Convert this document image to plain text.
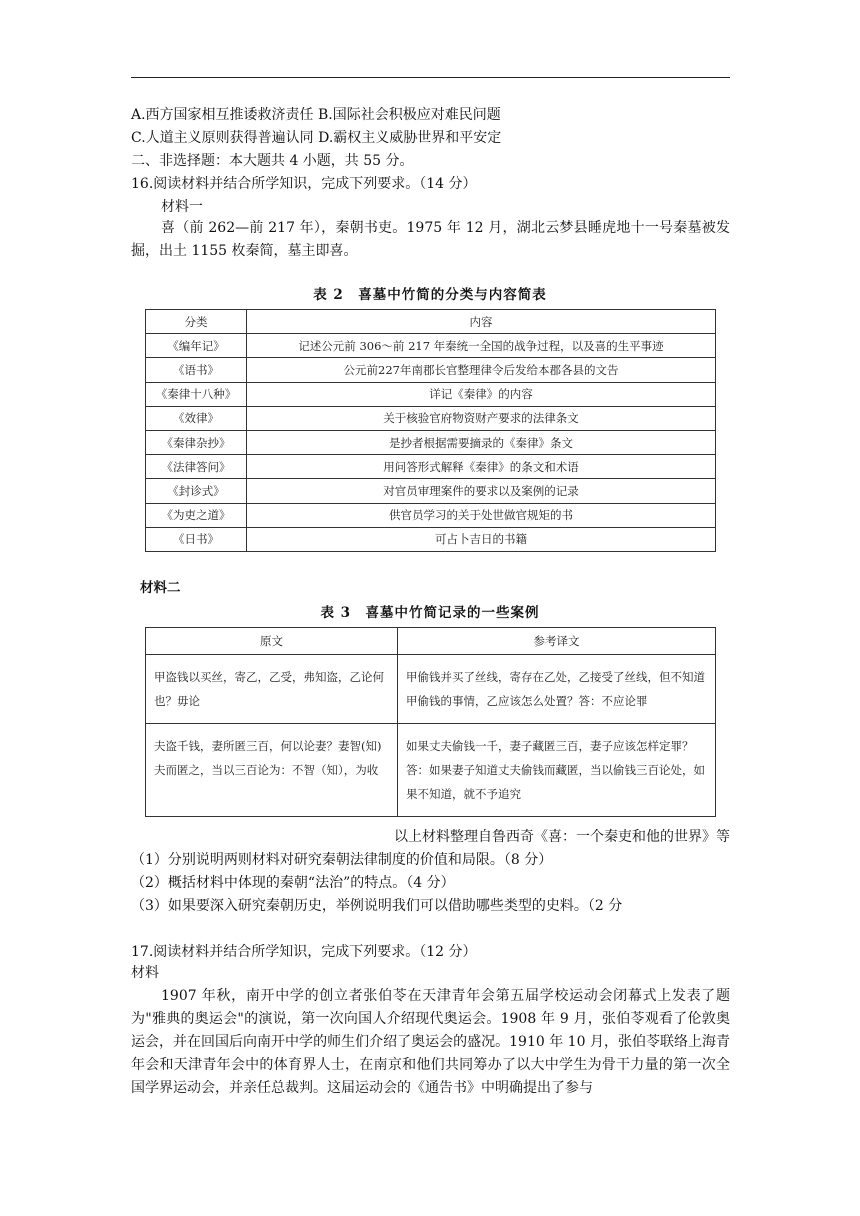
A.西方国家相互推诿救济责任 B.国际社会积极应对难民问题
C.人道主义原则获得普遍认同 D.霸权主义威胁世界和平安定
二、非选择题：本大题共 4 小题，共 55 分。
16.阅读材料并结合所学知识，完成下列要求。（14 分）
材料一
喜（前 262—前 217 年），秦朝书吏。1975 年 12 月，湖北云梦县睡虎地十一号秦墓被发掘，出土 1155 枚秦简，墓主即喜。
表 2　喜墓中竹简的分类与内容简表
分类	内容
《编年记》	记述公元前 306～前 217 年秦统一全国的战争过程，以及喜的生平事迹
《语书》	公元前227年南郡长官整理律令后发给本郡各县的文告
《秦律十八种》	详记《秦律》的内容
《效律》	关于核验官府物资财产要求的法律条文
《秦律杂抄》	是抄者根据需要摘录的《秦律》条文
《法律答问》	用问答形式解释《秦律》的条文和术语
《封诊式》	对官员审理案件的要求以及案例的记录
《为吏之道》	供官员学习的关于处世做官规矩的书
《日书》	可占卜吉日的书籍
材料二
表 3　喜墓中竹简记录的一些案例
原文	参考译文
甲盗钱以买丝，寄乙，乙受，弗知盗，乙论何也？毋论	甲偷钱并买了丝线，寄存在乙处，乙接受了丝线，但不知道甲偷钱的事情，乙应该怎么处置？答：不应论罪
夫盗千钱，妻所匿三百，何以论妻？妻智(知)夫而匿之，当以三百论为：不智（知），为收	如果丈夫偷钱一千，妻子藏匿三百，妻子应该怎样定罪？答：如果妻子知道丈夫偷钱而藏匿，当以偷钱三百论处，如果不知道，就不予追究
以上材料整理自鲁西奇《喜：一个秦吏和他的世界》等
（1）分别说明两则材料对研究秦朝法律制度的价值和局限。（8 分）
（2）概括材料中体现的秦朝“法治”的特点。（4 分）
（3）如果要深入研究秦朝历史，举例说明我们可以借助哪些类型的史料。（2 分
17.阅读材料并结合所学知识，完成下列要求。（12 分）
材料
1907 年秋，南开中学的创立者张伯苓在天津青年会第五届学校运动会闭幕式上发表了题为"雅典的奥运会"的演说，第一次向国人介绍现代奥运会。1908 年 9 月，张伯苓观看了伦敦奥运会，并在回国后向南开中学的师生们介绍了奥运会的盛况。1910 年 10 月，张伯苓联络上海青年会和天津青年会中的体育界人士，在南京和他们共同筹办了以大中学生为骨干力量的第一次全国学界运动会，并亲任总裁判。这届运动会的《通告书》中明确提出了参与
